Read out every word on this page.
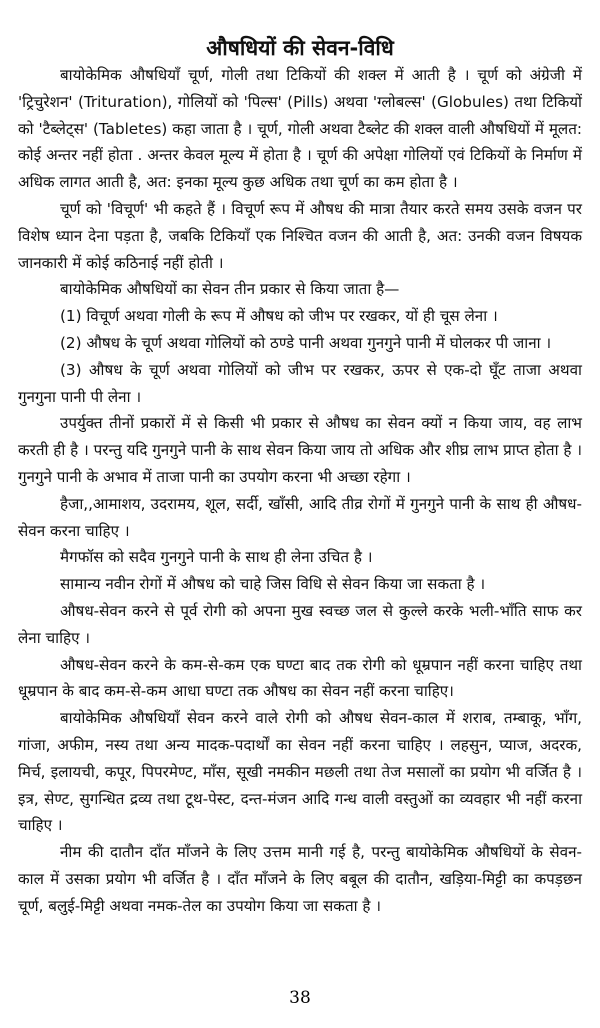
औषधियों की सेवन-विधि

बायोकेमिक औषधियाँ चूर्ण, गोली तथा टिकियों की शक्ल में आती है । चूर्ण को अंग्रेजी में 'ट्रिचुरेशन' (Trituration), गोलियों को 'पिल्स' (Pills) अथवा 'ग्लोबल्स' (Globules) तथा टिकियों को 'टैब्लेट्स' (Tabletes) कहा जाता है । चूर्ण, गोली अथवा टैब्लेट की शक्ल वाली औषधियों में मूलत: कोई अन्तर नहीं होता . अन्तर केवल मूल्य में होता है । चूर्ण की अपेक्षा गोलियों एवं टिकियों के निर्माण में अधिक लागत आती है, अत: इनका मूल्य कुछ अधिक तथा चूर्ण का कम होता है ।

चूर्ण को 'विचूर्ण' भी कहते हैं । विचूर्ण रूप में औषध की मात्रा तैयार करते समय उसके वजन पर विशेष ध्यान देना पड़ता है, जबकि टिकियाँ एक निश्चित वजन की आती है, अत: उनकी वजन विषयक जानकारी में कोई कठिनाई नहीं होती ।

बायोकेमिक औषधियों का सेवन तीन प्रकार से किया जाता है—

(1) विचूर्ण अथवा गोली के रूप में औषध को जीभ पर रखकर, यों ही चूस लेना ।

(2) औषध के चूर्ण अथवा गोलियों को ठण्डे पानी अथवा गुनगुने पानी में घोलकर पी जाना ।

(3) औषध के चूर्ण अथवा गोलियों को जीभ पर रखकर, ऊपर से एक-दो घूँट ताजा अथवा गुनगुना पानी पी लेना ।

उपर्युक्त तीनों प्रकारों में से किसी भी प्रकार से औषध का सेवन क्यों न किया जाय, वह लाभ करती ही है । परन्तु यदि गुनगुने पानी के साथ सेवन किया जाय तो अधिक और शीघ्र लाभ प्राप्त होता है । गुनगुने पानी के अभाव में ताजा पानी का उपयोग करना भी अच्छा रहेगा ।

हैजा,,आमाशय, उदरामय, शूल, सर्दी, खाँसी, आदि तीव्र रोगों में गुनगुने पानी के साथ ही औषध-सेवन करना चाहिए ।

मैगफॉस को सदैव गुनगुने पानी के साथ ही लेना उचित है ।

सामान्य नवीन रोगों में औषध को चाहे जिस विधि से सेवन किया जा सकता है ।

औषध-सेवन करने से पूर्व रोगी को अपना मुख स्वच्छ जल से कुल्ले करके भली-भाँति साफ कर लेना चाहिए ।

औषध-सेवन करने के कम-से-कम एक घण्टा बाद तक रोगी को धूम्रपान नहीं करना चाहिए तथा धूम्रपान के बाद कम-से-कम आधा घण्टा तक औषध का सेवन नहीं करना चाहिए।

बायोकेमिक औषधियाँ सेवन करने वाले रोगी को औषध सेवन-काल में शराब, तम्बाकू, भाँग, गांजा, अफीम, नस्य तथा अन्य मादक-पदार्थों का सेवन नहीं करना चाहिए । लहसुन, प्याज, अदरक, मिर्च, इलायची, कपूर, पिपरमेण्ट, माँस, सूखी नमकीन मछली तथा तेज मसालों का प्रयोग भी वर्जित है । इत्र, सेण्ट, सुगन्धित द्रव्य तथा टूथ-पेस्ट, दन्त-मंजन आदि गन्ध वाली वस्तुओं का व्यवहार भी नहीं करना चाहिए ।

नीम की दातौन दाँत माँजने के लिए उत्तम मानी गई है, परन्तु बायोकेमिक औषधियों के सेवन-काल में उसका प्रयोग भी वर्जित है । दाँत माँजने के लिए बबूल की दातौन, खड़िया-मिट्टी का कपड़छन चूर्ण, बलुई-मिट्टी अथवा नमक-तेल का उपयोग किया जा सकता है ।

38
